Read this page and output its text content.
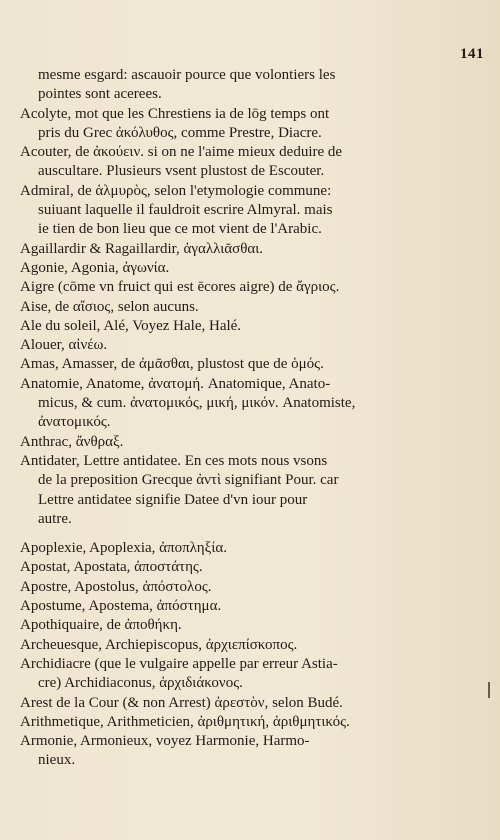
141
mesme esgard: ascauoir pource que volontiers les
pointes sont acerees.
Acolyte, mot que les Chrestiens ia de lōg temps ont
pris du Grec ἀκόλυθος, comme Prestre, Diacre.
Acouter, de ἀκούειν. si on ne l'aime mieux deduire de
auscultare. Plusieurs vsent plustost de Escouter.
Admiral, de ἁλμυρὸς, selon l'etymologie commune:
suiuant laquelle il fauldroit escrire Almyral. mais
ie tien de bon lieu que ce mot vient de l'Arabic.
Agaillardir & Ragaillardir, ἀγαλλιᾶσθαι.
Agonie, Agonia, ἀγωνία.
Aigre (cōme vn fruict qui est ēcores aigre) de ἄγριος.
Aise, de αἴσιος, selon aucuns.
Ale du soleil, Alé, Voyez Hale, Halé.
Alouer, αἰνέω.
Amas, Amasser, de ἀμᾶσθαι, plustost que de ὁμός.
Anatomie, Anatome, ἀνατομή. Anatomique, Anato-
micus, & cum. ἀνατομικός, μική, μικόν. Anatomiste,
ἀνατομικός.
Anthrac, ἄνθραξ.
Antidater, Lettre antidatee. En ces mots nous vsons
de la preposition Grecque ἀντὶ signifiant Pour. car
Lettre antidatee signifie Datee d'vn iour pour
autre.
Apoplexie, Apoplexia, ἀποπληξία.
Apostat, Apostata, ἀποστάτης.
Apostre, Apostolus, ἀπόστολος.
Apostume, Apostema, ἀπόστημα.
Apothiquaire, de ἀποθήκη.
Archeuesque, Archiepiscopus, ἀρχιεπίσκοπος.
Archidiacre (que le vulgaire appelle par erreur Astia-
cre) Archidiaconus, ἀρχιδιάκονος.
Arest de la Cour (& non Arrest) ἀρεστὸν, selon Budé.
Arithmetique, Arithmeticien, ἀριθμητική, ἀριθμητικός.
Armonie, Armonieux, voyez Harmonie, Harmo-
nieux.
